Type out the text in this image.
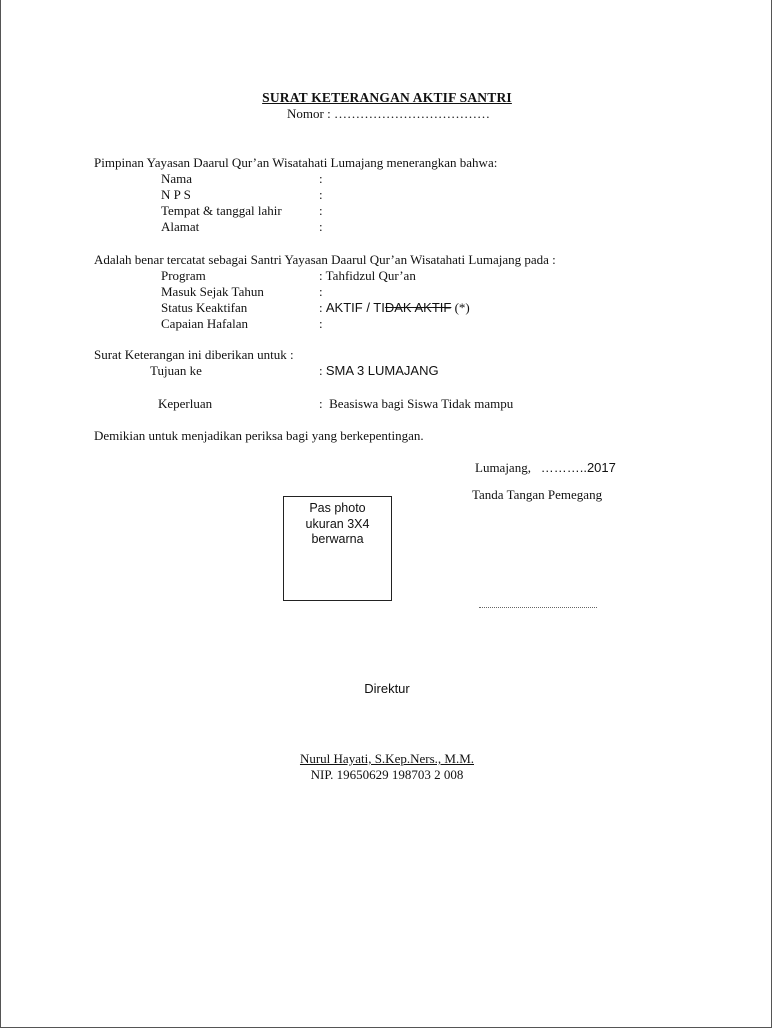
SURAT KETERANGAN AKTIF SANTRI
Nomor : ………………………………
Pimpinan Yayasan Daarul Qur’an Wisatahati Lumajang menerangkan bahwa:
Nama	:
N P S	:
Tempat & tanggal lahir	:
Alamat	:
Adalah benar tercatat sebagai Santri Yayasan Daarul Qur’an Wisatahati Lumajang pada :
Program	: Tahfidzul Qur’an
Masuk Sejak Tahun	:
Status Keaktifan	: AKTIF / TIDAK AKTIF (*)
Capaian Hafalan	:
Surat Keterangan ini diberikan untuk :
Tujuan ke	: SMA 3 LUMAJANG
Keperluan	: Beasiswa bagi Siswa Tidak mampu
Demikian untuk menjadikan periksa bagi yang berkepentingan.
Lumajang, ………..2017
Tanda Tangan Pemegang
Pas photo
ukuran 3X4
berwarna
Direktur
Nurul Hayati, S.Kep.Ners., M.M.
NIP. 19650629 198703 2 008
